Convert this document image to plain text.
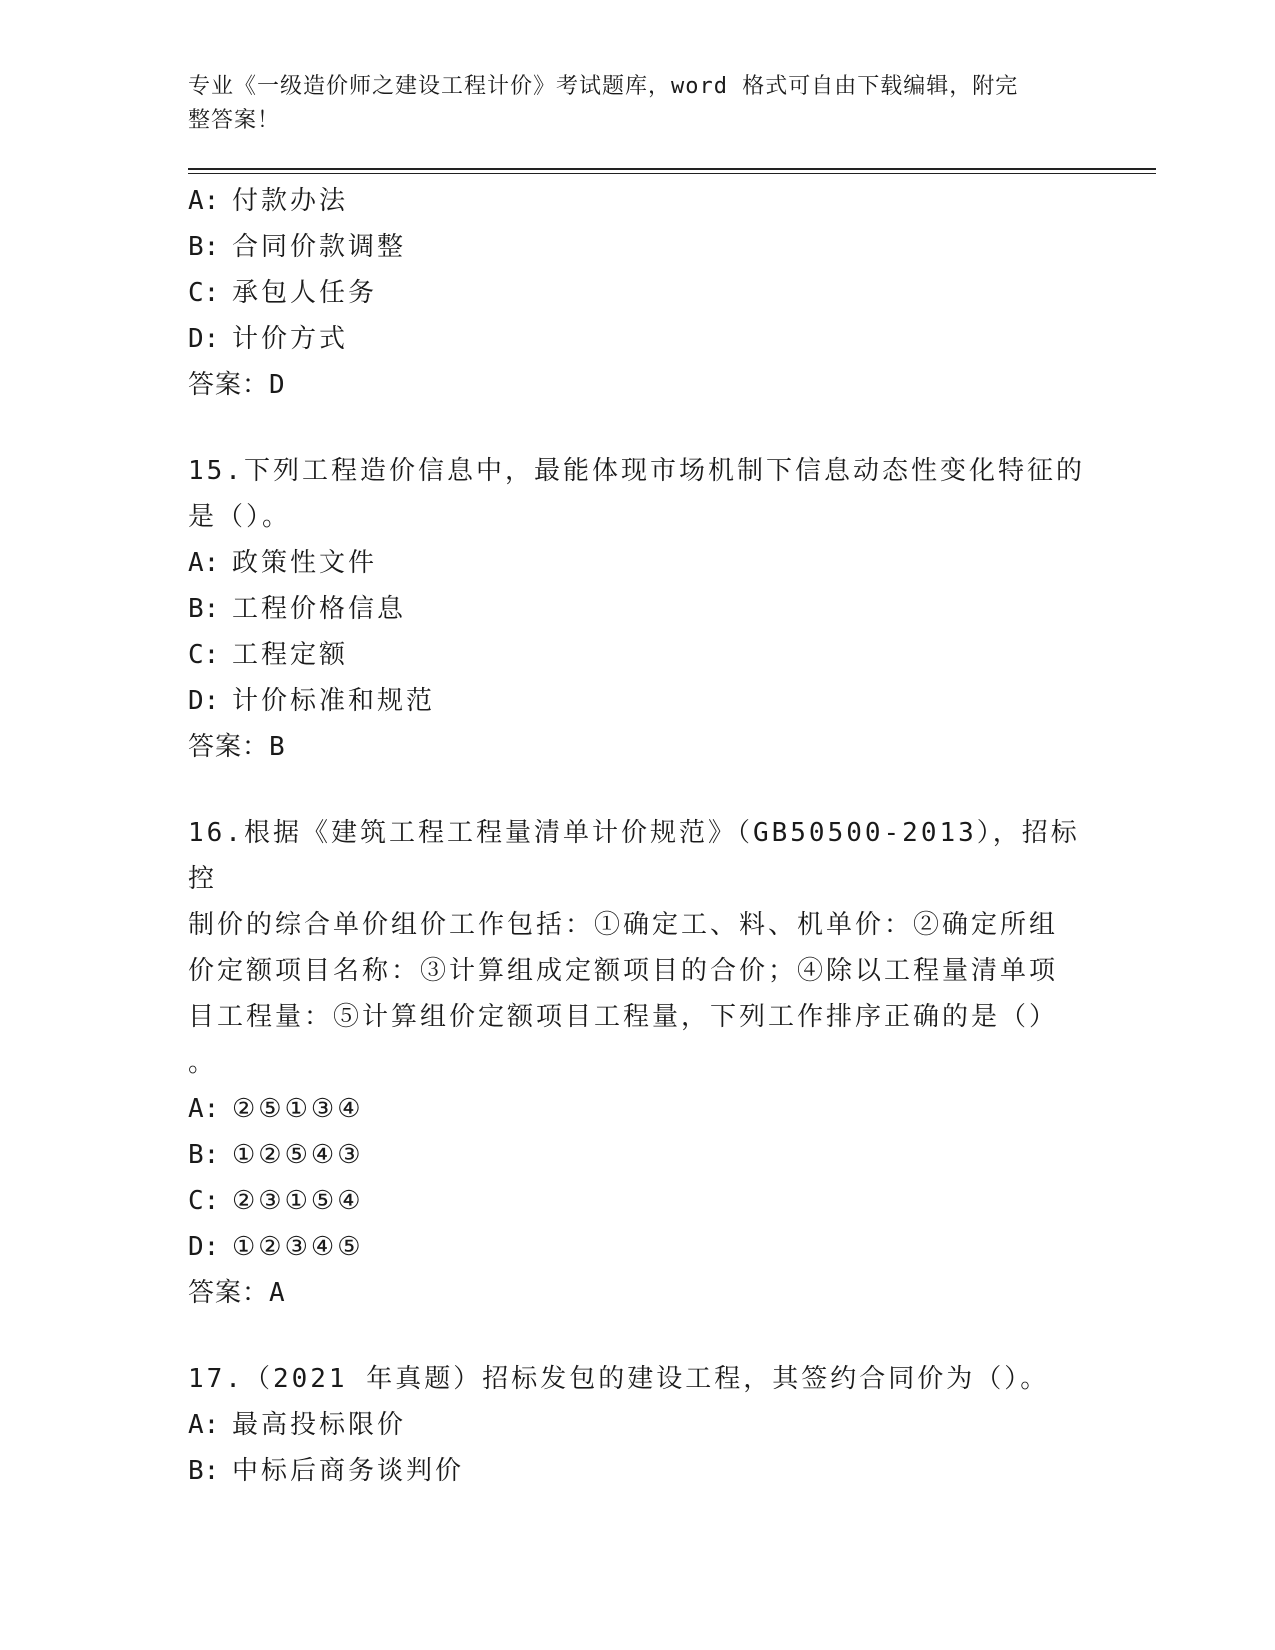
专业《一级造价师之建设工程计价》考试题库，word 格式可自由下载编辑，附完
整答案！
A: 付款办法
B: 合同价款调整
C: 承包人任务
D: 计价方式
答案：D
15.下列工程造价信息中，最能体现市场机制下信息动态性变化特征的
是（）。
A: 政策性文件
B: 工程价格信息
C: 工程定额
D: 计价标准和规范
答案：B
16.根据《建筑工程工程量清单计价规范》（GB50500-2013），招标控
制价的综合单价组价工作包括：①确定工、料、机单价：②确定所组
价定额项目名称：③计算组成定额项目的合价；④除以工程量清单项
目工程量：⑤计算组价定额项目工程量，下列工作排序正确的是（）
。
A: ②⑤①③④
B: ①②⑤④③
C: ②③①⑤④
D: ①②③④⑤
答案：A
17.（2021 年真题）招标发包的建设工程，其签约合同价为（）。
A: 最高投标限价
B: 中标后商务谈判价
